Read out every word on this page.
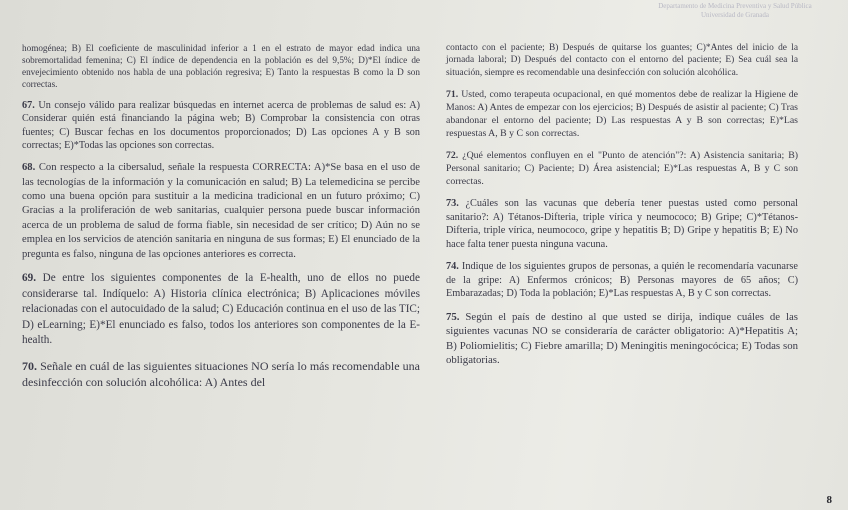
Departamento de Medicina Preventiva y Salud Pública
Universidad de Granada

homogénea; B) El coeficiente de masculinidad inferior a 1 en el estrato de mayor edad indica una sobremortalidad femenina; C) El índice de dependencia en la población es del 9,5%; D)*El índice de envejecimiento obtenido nos habla de una población regresiva; E) Tanto la respuestas B como la D son correctas.

67. Un consejo válido para realizar búsquedas en internet acerca de problemas de salud es: A) Considerar quién está financiando la página web; B) Comprobar la consistencia con otras fuentes; C) Buscar fechas en los documentos proporcionados; D) Las opciones A y B son correctas; E)*Todas las opciones son correctas.

68. Con respecto a la cibersalud, señale la respuesta CORRECTA: A)*Se basa en el uso de las tecnologías de la información y la comunicación en salud; B) La telemedicina se percibe como una buena opción para sustituir a la medicina tradicional en un futuro próximo; C) Gracias a la proliferación de web sanitarias, cualquier persona puede buscar información acerca de un problema de salud de forma fiable, sin necesidad de ser crítico; D) Aún no se emplea en los servicios de atención sanitaria en ninguna de sus formas; E) El enunciado de la pregunta es falso, ninguna de las opciones anteriores es correcta.

69. De entre los siguientes componentes de la E-health, uno de ellos no puede considerarse tal. Indíquelo: A) Historia clínica electrónica; B) Aplicaciones móviles relacionadas con el autocuidado de la salud; C) Educación continua en el uso de las TIC; D) eLearning; E)*El enunciado es falso, todos los anteriores son componentes de la E-health.

70. Señale en cuál de las siguientes situaciones NO sería lo más recomendable una desinfección con solución alcohólica: A) Antes del

contacto con el paciente; B) Después de quitarse los guantes; C)*Antes del inicio de la jornada laboral; D) Después del contacto con el entorno del paciente; E) Sea cuál sea la situación, siempre es recomendable una desinfección con solución alcohólica.

71. Usted, como terapeuta ocupacional, en qué momentos debe de realizar la Higiene de Manos: A) Antes de empezar con los ejercicios; B) Después de asistir al paciente; C) Tras abandonar el entorno del paciente; D) Las respuestas A y B son correctas; E)*Las respuestas A, B y C son correctas.

72. ¿Qué elementos confluyen en el "Punto de atención"?: A) Asistencia sanitaria; B) Personal sanitario; C) Paciente; D) Área asistencial; E)*Las respuestas A, B y C son correctas.

73. ¿Cuáles son las vacunas que debería tener puestas usted como personal sanitario?: A) Tétanos-Difteria, triple vírica y neumococo; B) Gripe; C)*Tétanos-Difteria, triple vírica, neumococo, gripe y hepatitis B; D) Gripe y hepatitis B; E) No hace falta tener puesta ninguna vacuna.

74. Indique de los siguientes grupos de personas, a quién le recomendaría vacunarse de la gripe: A) Enfermos crónicos; B) Personas mayores de 65 años; C) Embarazadas; D) Toda la población; E)*Las respuestas A, B y C son correctas.

75. Según el país de destino al que usted se dirija, indique cuáles de las siguientes vacunas NO se consideraría de carácter obligatorio: A)*Hepatitis A; B) Poliomielitis; C) Fiebre amarilla; D) Meningitis meningocócica; E) Todas son obligatorias.

8
